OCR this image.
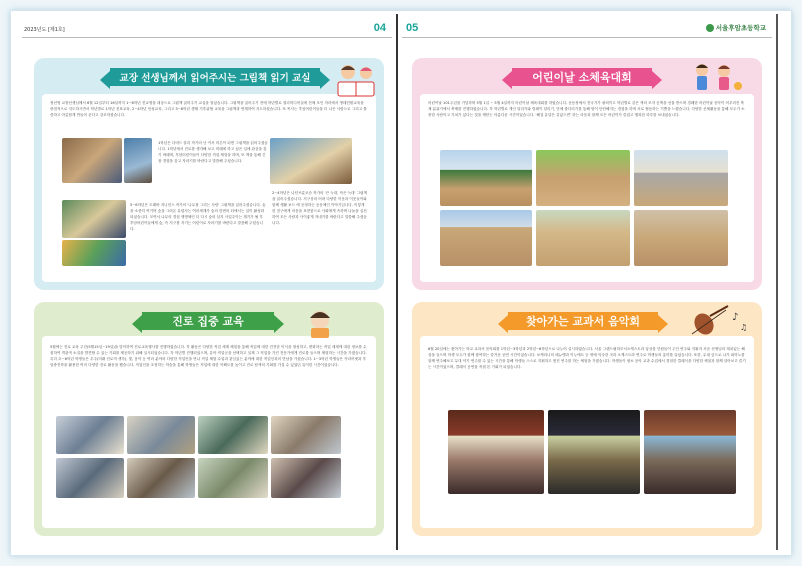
2023년도 [제1호]	04 05	서울후암초등학교
교장 선생님께서 읽어주시는 그림책 읽기 교실
정선영 교장선생님께서 6월 12일부터 16일까지 1~6학년 전교생을 대상으로 그림책 읽어주기 교실을 열었습니다. 그림책을 읽어주기 전에 학년별로 열리미디어실에 전체 모인 자리에서 생태전환교육을 중점적으로 지도하시면서 학년별로 1학년 전표교육, 2~4학년 언성교육, 그리고 5~6학년 생태 기후위협 교육을 그림책과 연계하여 지도하셨습니다. 또 목사는 후암어린이들을 더 나은 사람으로 그리고 틀씀하고 아름답게 만들어 준다고 강조하셨습니다.
1학년은 다비드 칼리 작가의 난 커서 어른이 되면 그림책을 읽어주셨습니다. 1학년에서 진로를 생각해 보고 미래에 하고 싶은 일에 관심을 갖기 바래며, 후암어린이들이 다양한 직업 체험을 하며, 또 책을 통해 긴장 경험을 갖고 자라기를 바란다고 말씀해 주셨습니다.
2~4학년은 나딘브룬코슴 작가의 '큰 늑대, 작은 늑대' 그림책을 읽어주셨습니다. 지구상의 어려 다양한 이웃과 이웃들이와 함께 생활 보드 에 공정하는 공동체인 이야기입니다. 이렇게 한 친구에게 마음을 표현함으로 사회에게 속하며 나눔을 실천하여 모든 사람과 사이좋게 자내기를 바란다고 말씀해 주셨습니다.
5~6학년은 트레바 지니컨스 작가의 '나무를 그리는 사람' 그림책을 읽어주셨습니다. 숲을 소중히 여기며 숲을 그려온 유럽사는 여러세계가 숲의 한번의 터에서는 일이 활성화되었습니다. 모여서 나무의 경험 생명체인 더 다시 숲의 살지 사업주이는 계기가 될 후 후암어린이들에게 숲, 즉 지구를 지키는 어린이로 자라기를 바란다고 말씀해 주셨습니다.
진로 집중 교육
5월에는 진로 교육 주간(5월15일~19일)을 맞이하여 진로교육행사를 진행하였습니다. 각 활동은 다양한 직업 세계 체험을 통해 직업에 대한 건전한 이식을 형성하고, 변화하는 직업 세계에 대한 정보를 수집하여 객관적 소질을 발견할 수 있는 기회를 제공하기 위해 실시되었습니다. 각 학년별 진행되었으며, 유아 직업군을 선택하고 실제 그 직업을 가진 전문가에게 진로를 들으며 체험하는 시간을 가졌습니다. 특히 초~6학년 학생들은 우주(미래 진로적 생각), 빛, 음악 등 여러 분야의 다양한 직업인을 만나 직업 체험 수업과 관심있는 분야에 대한 직업인과의 만남을 가졌습니다. 1~3학년 학생들은 커리어넷과 후암중진학을 활용한 여러 다양한 진로 활동을 했습니다. 직업인을 초청하는 학습을 통해 학생들은 직업에 대한 이해도를 높이고 진로 탐색의 기회를 가질 수 있었던 유익한 시간이었습니다.
어린이날 소체육대회
어린이날 101주년을 기념하며 5월 1일 ~ 5월 4일까지 어린이날 체육대회를 하였습니다. 운동장에서 전국기가 펄럭이고 학년별로 같은 색의 모자 공책을 선물 받으며 경쾌한 어린이날 음악이 어우러진 축제 분위기에서 축제를 진행하였습니다. 각 학년별로 개인 달리기와 릴레이 달리기, 단체 줄다리기를 통해 팀이 단단해지는 경험을 하며 서로 협동하는 기쁨을 느꼈습니다. 다양한 신체활동을 통해 모두가 소중한 사람이고 가치가 있다는 것을 깨닫는 아름다운 시간이었습니다. '해질 유달은 같았으면' 하는 마음과 함께 모든 어린이가 즐겁고 행복한 하루를 보내었습니다.
찾아가는 교과서 음악회	♪
♫
6월 20일에는 찾아가는 학교 교과서 음악회를 1학년~3학년과 2학년~6학년으로 나누어 실시하였습니다. 서울 그랜드필하모닉오케스트라 앙상블 단원들이 주인 연주와 지휘자 서준 선생님의 재치있는 해설을 들으며 학생 모두가 함께 참여하는 즐거운 공연 시간이었습니다. 보케리니의 메뉴엣과 이누에트 등 귀에 익숙한 곡과 오케스트라 연주로 학생들의 흥미를 끌었습니다. 또한, 무대 앞으로 나가 피아노를 함께 연주해보고 무대 악기 연주를 수 있는 시간을 통해 학생들 스스로 지휘하고 멋진 연주를 하는 체험을 가졌습니다. 학생들이 평소 음악 교과 수업에서 경험한 클래식을 다양한 체험과 함께 알아보고 즐기는 시간이었으며, 클래식 공연을 직접 본 기회가 되었습니다.
